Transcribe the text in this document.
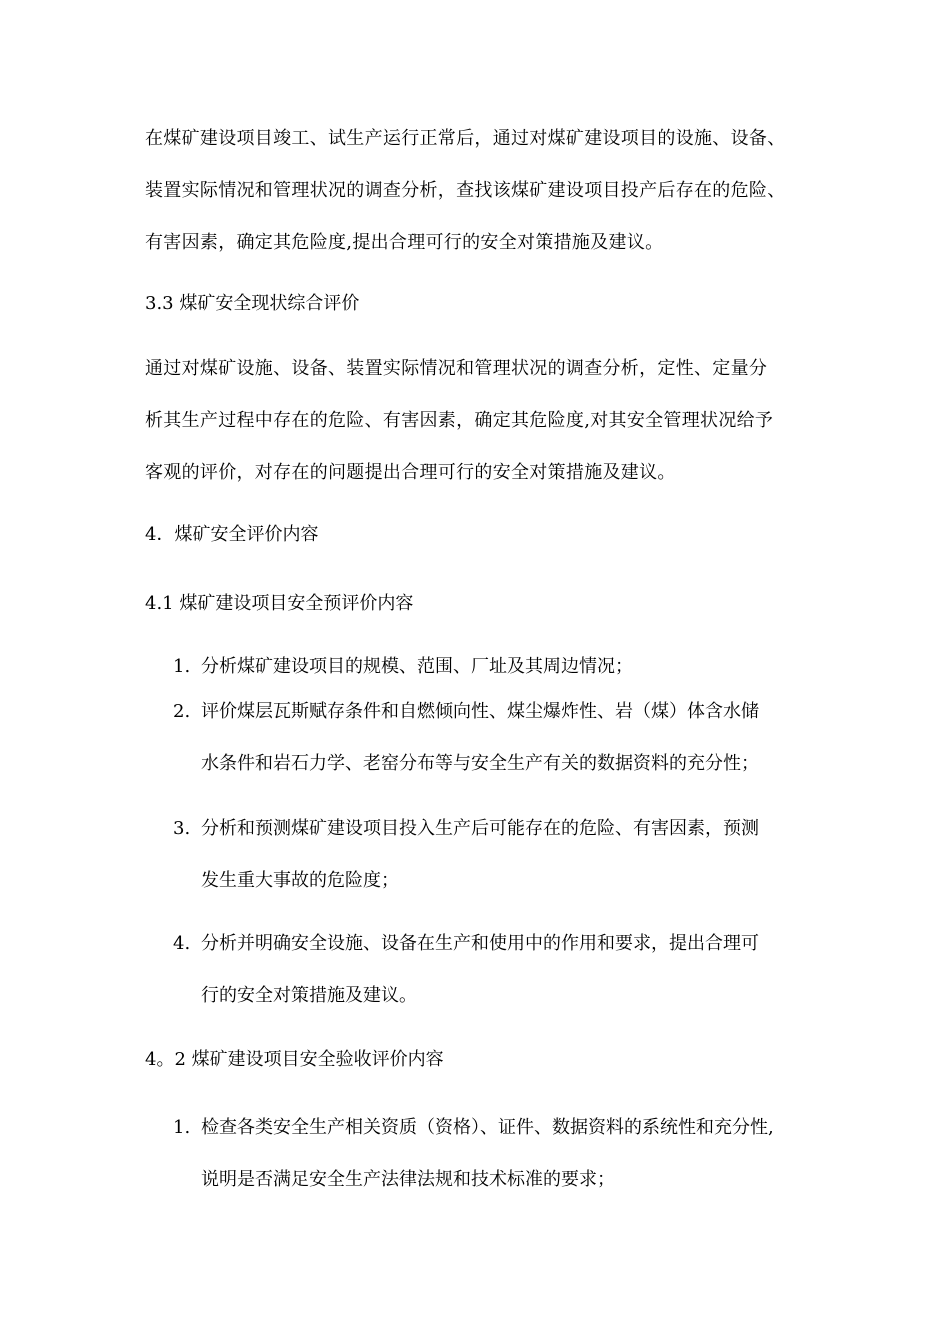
在煤矿建设项目竣工、试生产运行正常后，通过对煤矿建设项目的设施、设备、
装置实际情况和管理状况的调查分析，查找该煤矿建设项目投产后存在的危险、
有害因素，确定其危险度,提出合理可行的安全对策措施及建议。
3.3 煤矿安全现状综合评价
通过对煤矿设施、设备、装置实际情况和管理状况的调查分析，定性、定量分
析其生产过程中存在的危险、有害因素，确定其危险度,对其安全管理状况给予
客观的评价，对存在的问题提出合理可行的安全对策措施及建议。
4．煤矿安全评价内容
4.1 煤矿建设项目安全预评价内容
1. 分析煤矿建设项目的规模、范围、厂址及其周边情况；
2. 评价煤层瓦斯赋存条件和自燃倾向性、煤尘爆炸性、岩（煤）体含水储
水条件和岩石力学、老窑分布等与安全生产有关的数据资料的充分性；
3. 分析和预测煤矿建设项目投入生产后可能存在的危险、有害因素，预测
发生重大事故的危险度；
4. 分析并明确安全设施、设备在生产和使用中的作用和要求，提出合理可
行的安全对策措施及建议。
4。2 煤矿建设项目安全验收评价内容
1. 检查各类安全生产相关资质（资格）、证件、数据资料的系统性和充分性,
说明是否满足安全生产法律法规和技术标准的要求；
